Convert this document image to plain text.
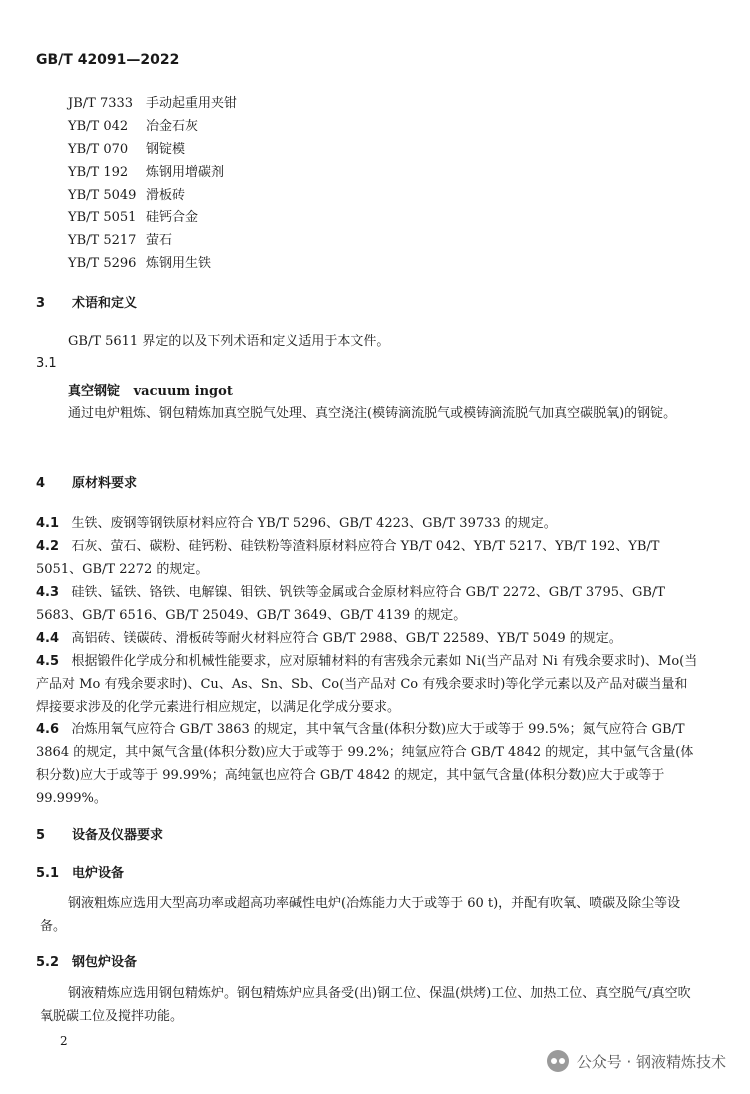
GB/T 42091—2022
JB/T 7333 手动起重用夹钳
YB/T 042 冶金石灰
YB/T 070 钢锭模
YB/T 192 炼钢用增碳剂
YB/T 5049 滑板砖
YB/T 5051 硅钙合金
YB/T 5217 萤石
YB/T 5296 炼钢用生铁
3 术语和定义
GB/T 5611 界定的以及下列术语和定义适用于本文件。
3.1
真空钢锭 vacuum ingot
通过电炉粗炼、钢包精炼加真空脱气处理、真空浇注(模铸滴流脱气或模铸滴流脱气加真空碳脱氧)的钢锭。
4 原材料要求
4.1 生铁、废钢等钢铁原材料应符合 YB/T 5296、GB/T 4223、GB/T 39733 的规定。
4.2 石灰、萤石、碳粉、硅钙粉、硅铁粉等渣料原材料应符合 YB/T 042、YB/T 5217、YB/T 192、YB/T 5051、GB/T 2272 的规定。
4.3 硅铁、锰铁、铬铁、电解镍、钼铁、钒铁等金属或合金原材料应符合 GB/T 2272、GB/T 3795、GB/T 5683、GB/T 6516、GB/T 25049、GB/T 3649、GB/T 4139 的规定。
4.4 高铝砖、镁碳砖、滑板砖等耐火材料应符合 GB/T 2988、GB/T 22589、YB/T 5049 的规定。
4.5 根据锻件化学成分和机械性能要求，应对原辅材料的有害残余元素如 Ni(当产品对 Ni 有残余要求时)、Mo(当产品对 Mo 有残余要求时)、Cu、As、Sn、Sb、Co(当产品对 Co 有残余要求时)等化学元素以及产品对碳当量和焊接要求涉及的化学元素进行相应规定，以满足化学成分要求。
4.6 冶炼用氧气应符合 GB/T 3863 的规定，其中氧气含量(体积分数)应大于或等于 99.5%；氮气应符合 GB/T 3864 的规定，其中氮气含量(体积分数)应大于或等于 99.2%；纯氩应符合 GB/T 4842 的规定，其中氩气含量(体积分数)应大于或等于 99.99%；高纯氩也应符合 GB/T 4842 的规定，其中氩气含量(体积分数)应大于或等于 99.999%。
5 设备及仪器要求
5.1 电炉设备
钢液粗炼应选用大型高功率或超高功率碱性电炉(冶炼能力大于或等于 60 t)，并配有吹氧、喷碳及除尘等设备。
5.2 钢包炉设备
钢液精炼应选用钢包精炼炉。钢包精炼炉应具备受(出)钢工位、保温(烘烤)工位、加热工位、真空脱气/真空吹氧脱碳工位及搅拌功能。
2
公众号 · 钢液精炼技术
